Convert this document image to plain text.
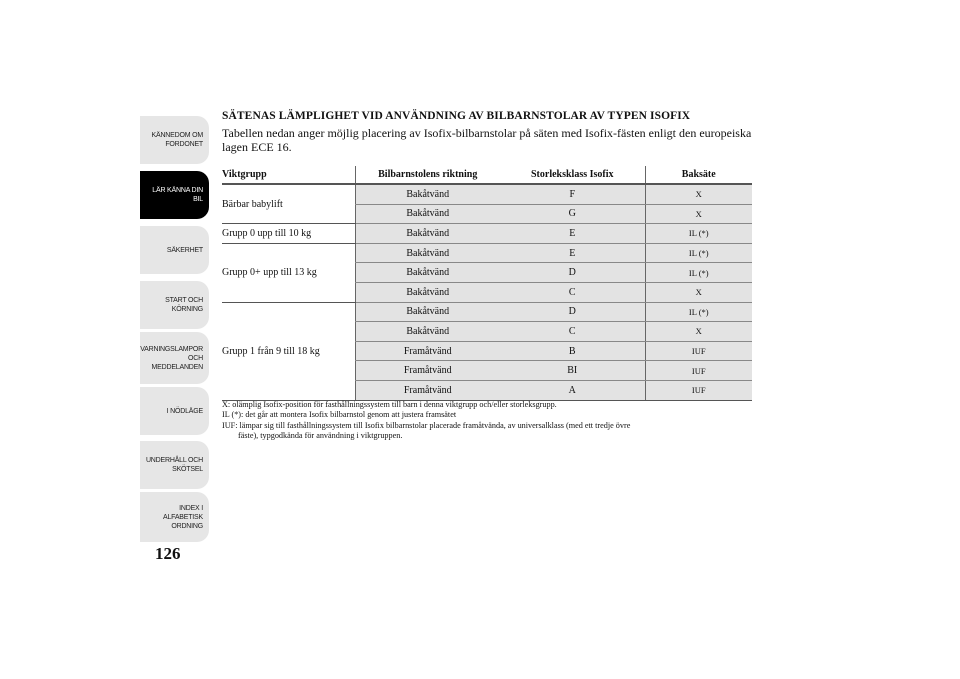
KÄNNEDOM OM
FORDONET
LÄR KÄNNA DIN
BIL
SÄKERHET
START OCH
KÖRNING
VARNINGSLAMPOR
OCH
MEDDELANDEN
I NÖDLÄGE
UNDERHÅLL OCH
SKÖTSEL
INDEX I
ALFABETISK
ORDNING
126
SÄTENAS LÄMPLIGHET VID ANVÄNDNING AV BILBARNSTOLAR AV TYPEN ISOFIX
Tabellen nedan anger möjlig placering av Isofix-bilbarnstolar på säten med Isofix-fästen enligt den europeiska lagen ECE 16.
Viktgrupp	Bilbarnstolens riktning	Storleksklass Isofix	Baksäte
Bärbar babylift	Bakåtvänd	F	X
	Bakåtvänd	G	X
Grupp 0 upp till 10 kg	Bakåtvänd	E	IL (*)
Grupp 0+ upp till 13 kg	Bakåtvänd	E	IL (*)
	Bakåtvänd	D	IL (*)
	Bakåtvänd	C	X
Grupp 1 från 9 till 18 kg	Bakåtvänd	D	IL (*)
	Bakåtvänd	C	X
	Framåtvänd	B	IUF
	Framåtvänd	BI	IUF
	Framåtvänd	A	IUF

X: olämplig Isofix-position för fasthållningssystem till barn i denna viktgrupp och/eller storleksgrupp.

IL (*): det går att montera Isofix bilbarnstol genom att justera framsätet

IUF: lämpar sig till fasthållningssystem till Isofix bilbarnstolar placerade framåtvända, av universalklass (med ett tredje övre

fäste), typgodkända för användning i viktgruppen.
